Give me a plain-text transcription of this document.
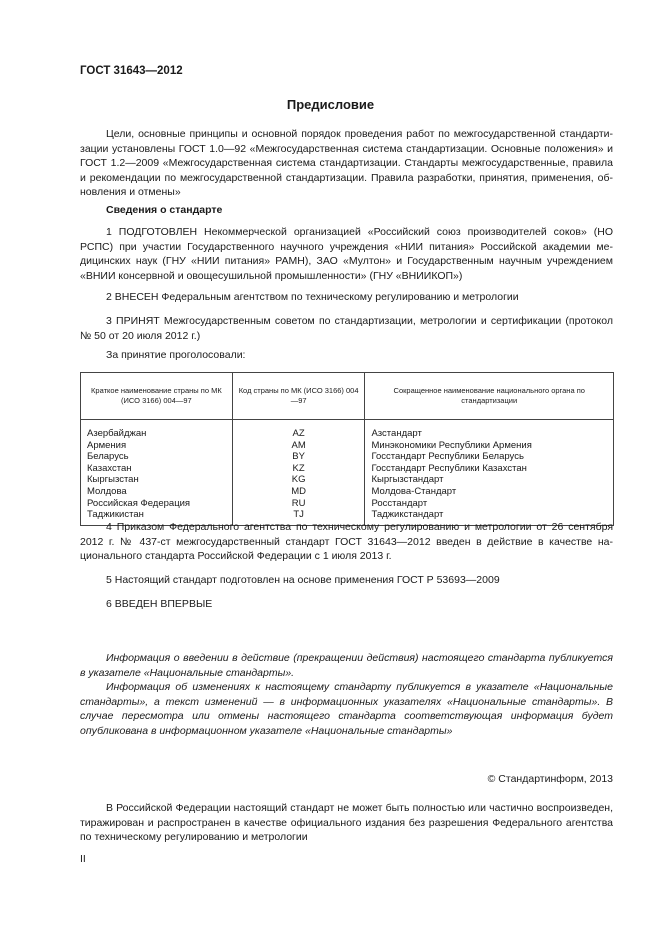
ГОСТ 31643—2012
Предисловие
Цели, основные принципы и основной порядок проведения работ по межгосударственной стандартизации установлены ГОСТ 1.0—92 «Межгосударственная система стандартизации. Основные положения» и ГОСТ 1.2—2009 «Межгосударственная система стандартизации. Стандарты межгосударственные, правила и рекомендации по межгосударственной стандартизации. Правила разработки, принятия, применения, обновления и отмены»
Сведения о стандарте
1 ПОДГОТОВЛЕН Некоммерческой организацией «Российский союз производителей соков» (НО РСПС) при участии Государственного научного учреждения «НИИ питания» Российской академии медицинских наук (ГНУ «НИИ питания» РАМН), ЗАО «Мултон» и Государственным научным учреждением «ВНИИ консервной и овощесушильной промышленности» (ГНУ «ВНИИКОП»)
2 ВНЕСЕН Федеральным агентством по техническому регулированию и метрологии
3 ПРИНЯТ Межгосударственным советом по стандартизации, метрологии и сертификации (протокол № 50 от 20 июля 2012 г.)
За принятие проголосовали:
Краткое наименование страны по МК (ИСО 3166) 004—97	Код страны по МК (ИСО 3166) 004—97	Сокращенное наименование национального органа по стандартизации
Азербайджан	AZ	Азстандарт
Армения	AM	Минэкономики Республики Армения
Беларусь	BY	Госстандарт Республики Беларусь
Казахстан	KZ	Госстандарт Республики Казахстан
Кыргызстан	KG	Кыргызстандарт
Молдова	MD	Молдова-Стандарт
Российская Федерация	RU	Росстандарт
Таджикистан	TJ	Таджикстандарт
4 Приказом Федерального агентства по техническому регулированию и метрологии от 26 сентября 2012 г. № 437-ст межгосударственный стандарт ГОСТ 31643—2012 введен в действие в качестве национального стандарта Российской Федерации с 1 июля 2013 г.
5 Настоящий стандарт подготовлен на основе применения ГОСТ Р 53693—2009
6 ВВЕДЕН ВПЕРВЫЕ
Информация о введении в действие (прекращении действия) настоящего стандарта публикуется в указателе «Национальные стандарты».
Информация об изменениях к настоящему стандарту публикуется в указателе «Национальные стандарты», а текст изменений — в информационных указателях «Национальные стандарты». В случае пересмотра или отмены настоящего стандарта соответствующая информация будет опубликована в информационном указателе «Национальные стандарты»
© Стандартинформ, 2013
В Российской Федерации настоящий стандарт не может быть полностью или частично воспроизведен, тиражирован и распространен в качестве официального издания без разрешения Федерального агентства по техническому регулированию и метрологии
II
